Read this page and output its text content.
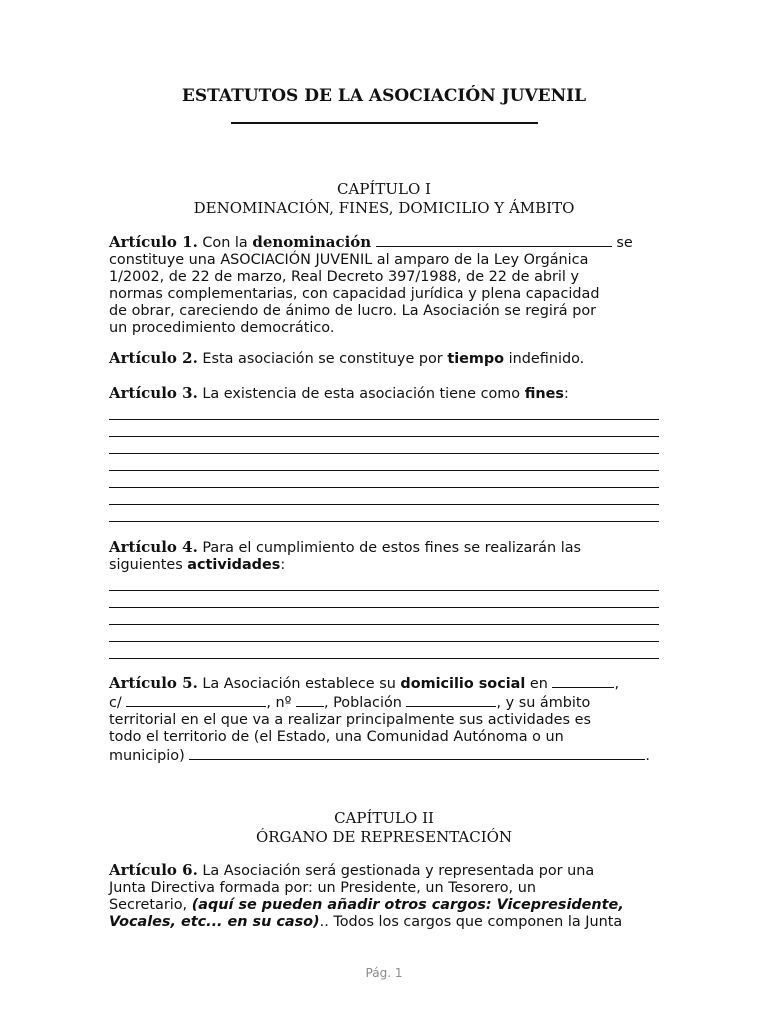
ESTATUTOS DE LA ASOCIACIÓN JUVENIL
CAPÍTULO I
DENOMINACIÓN, FINES, DOMICILIO Y ÁMBITO
Artículo 1. Con la denominación	se
constituye una ASOCIACIÓN JUVENIL al amparo de la Ley Orgánica
1/2002, de 22 de marzo, Real Decreto 397/1988, de 22 de abril y
normas complementarias, con capacidad jurídica y plena capacidad
de obrar, careciendo de ánimo de lucro. La Asociación se regirá por
un procedimiento democrático.
Artículo 2. Esta asociación se constituye por tiempo indefinido.
Artículo 3. La existencia de esta asociación tiene como fines:
Artículo 4. Para el cumplimiento de estos fines se realizarán las
siguientes actividades:
Artículo 5. La Asociación establece su domicilio social en	,
c/	, nº , Población	, y su ámbito
territorial en el que va a realizar principalmente sus actividades es
todo el territorio de (el Estado, una Comunidad Autónoma o un
municipio)	.
CAPÍTULO II
ÓRGANO DE REPRESENTACIÓN
Artículo 6. La Asociación será gestionada y representada por una
Junta Directiva formada por: un Presidente, un Tesorero, un
Secretario, (aquí se pueden añadir otros cargos: Vicepresidente,
Vocales, etc... en su caso).. Todos los cargos que componen la Junta
Pág. 1
